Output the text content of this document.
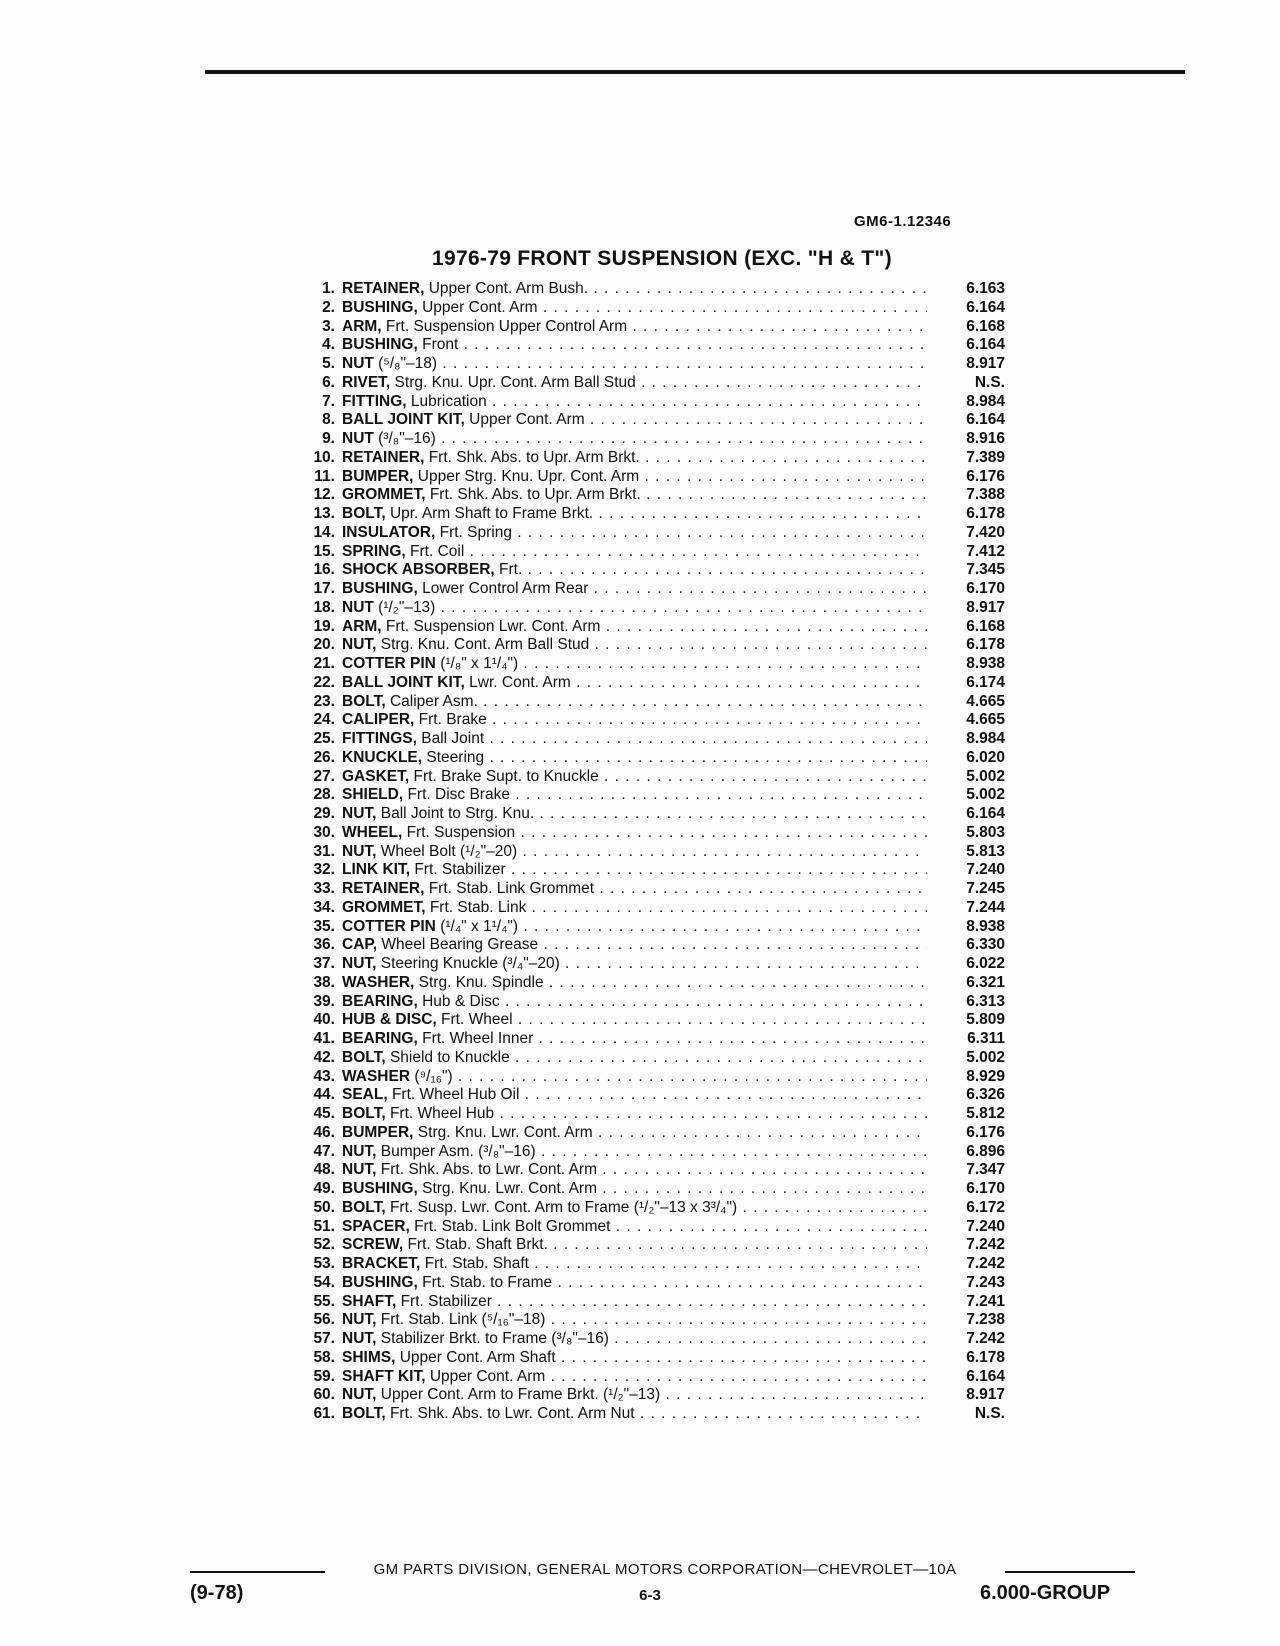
GM6-1.12346
1976-79 FRONT SUSPENSION (EXC. "H & T")
1. RETAINER, Upper Cont. Arm Bush. . . .	6.163
2. BUSHING, Upper Cont. Arm . . .	6.164
3. ARM, Frt. Suspension Upper Control Arm . . .	6.168
4. BUSHING, Front . . .	6.164
5. NUT (⁵/₈"–18) . . .	8.917
6. RIVET, Strg. Knu. Upr. Cont. Arm Ball Stud . . .	N.S.
7. FITTING, Lubrication . . .	8.984
8. BALL JOINT KIT, Upper Cont. Arm . . .	6.164
9. NUT (³/₈"–16) . . .	8.916
10. RETAINER, Frt. Shk. Abs. to Upr. Arm Brkt. . . .	7.389
11. BUMPER, Upper Strg. Knu. Upr. Cont. Arm . . .	6.176
12. GROMMET, Frt. Shk. Abs. to Upr. Arm Brkt. . . .	7.388
13. BOLT, Upr. Arm Shaft to Frame Brkt. . . .	6.178
14. INSULATOR, Frt. Spring . . .	7.420
15. SPRING, Frt. Coil . . .	7.412
16. SHOCK ABSORBER, Frt. . . .	7.345
17. BUSHING, Lower Control Arm Rear . . .	6.170
18. NUT (¹/₂"–13) . . .	8.917
19. ARM, Frt. Suspension Lwr. Cont. Arm . . .	6.168
20. NUT, Strg. Knu. Cont. Arm Ball Stud . . .	6.178
21. COTTER PIN (¹/₈" x 1¹/₄") . . .	8.938
22. BALL JOINT KIT, Lwr. Cont. Arm . . .	6.174
23. BOLT, Caliper Asm. . . .	4.665
24. CALIPER, Frt. Brake . . .	4.665
25. FITTINGS, Ball Joint . . .	8.984
26. KNUCKLE, Steering . . .	6.020
27. GASKET, Frt. Brake Supt. to Knuckle . . .	5.002
28. SHIELD, Frt. Disc Brake . . .	5.002
29. NUT, Ball Joint to Strg. Knu. . . .	6.164
30. WHEEL, Frt. Suspension . . .	5.803
31. NUT, Wheel Bolt (¹/₂"–20) . . .	5.813
32. LINK KIT, Frt. Stabilizer . . .	7.240
33. RETAINER, Frt. Stab. Link Grommet . . .	7.245
34. GROMMET, Frt. Stab. Link . . .	7.244
35. COTTER PIN (¹/₄" x 1¹/₄") . . .	8.938
36. CAP, Wheel Bearing Grease . . .	6.330
37. NUT, Steering Knuckle (³/₄"–20) . . .	6.022
38. WASHER, Strg. Knu. Spindle . . .	6.321
39. BEARING, Hub & Disc . . .	6.313
40. HUB & DISC, Frt. Wheel . . .	5.809
41. BEARING, Frt. Wheel Inner . . .	6.311
42. BOLT, Shield to Knuckle . . .	5.002
43. WASHER (⁹/₁₆") . . .	8.929
44. SEAL, Frt. Wheel Hub Oil . . .	6.326
45. BOLT, Frt. Wheel Hub . . .	5.812
46. BUMPER, Strg. Knu. Lwr. Cont. Arm . . .	6.176
47. NUT, Bumper Asm. (³/₈"–16) . . .	6.896
48. NUT, Frt. Shk. Abs. to Lwr. Cont. Arm . . .	7.347
49. BUSHING, Strg. Knu. Lwr. Cont. Arm . . .	6.170
50. BOLT, Frt. Susp. Lwr. Cont. Arm to Frame (¹/₂"–13 x 3³/₄") . . .	6.172
51. SPACER, Frt. Stab. Link Bolt Grommet . . .	7.240
52. SCREW, Frt. Stab. Shaft Brkt. . . .	7.242
53. BRACKET, Frt. Stab. Shaft . . .	7.242
54. BUSHING, Frt. Stab. to Frame . . .	7.243
55. SHAFT, Frt. Stabilizer . . .	7.241
56. NUT, Frt. Stab. Link (⁵/₁₆"–18) . . .	7.238
57. NUT, Stabilizer Brkt. to Frame (³/₈"–16) . . .	7.242
58. SHIMS, Upper Cont. Arm Shaft . . .	6.178
59. SHAFT KIT, Upper Cont. Arm . . .	6.164
60. NUT, Upper Cont. Arm to Frame Brkt. (¹/₂"–13) . . .	8.917
61. BOLT, Frt. Shk. Abs. to Lwr. Cont. Arm Nut . . .	N.S.
GM PARTS DIVISION, GENERAL MOTORS CORPORATION—CHEVROLET—10A
(9-78)	6-3	6.000-GROUP
